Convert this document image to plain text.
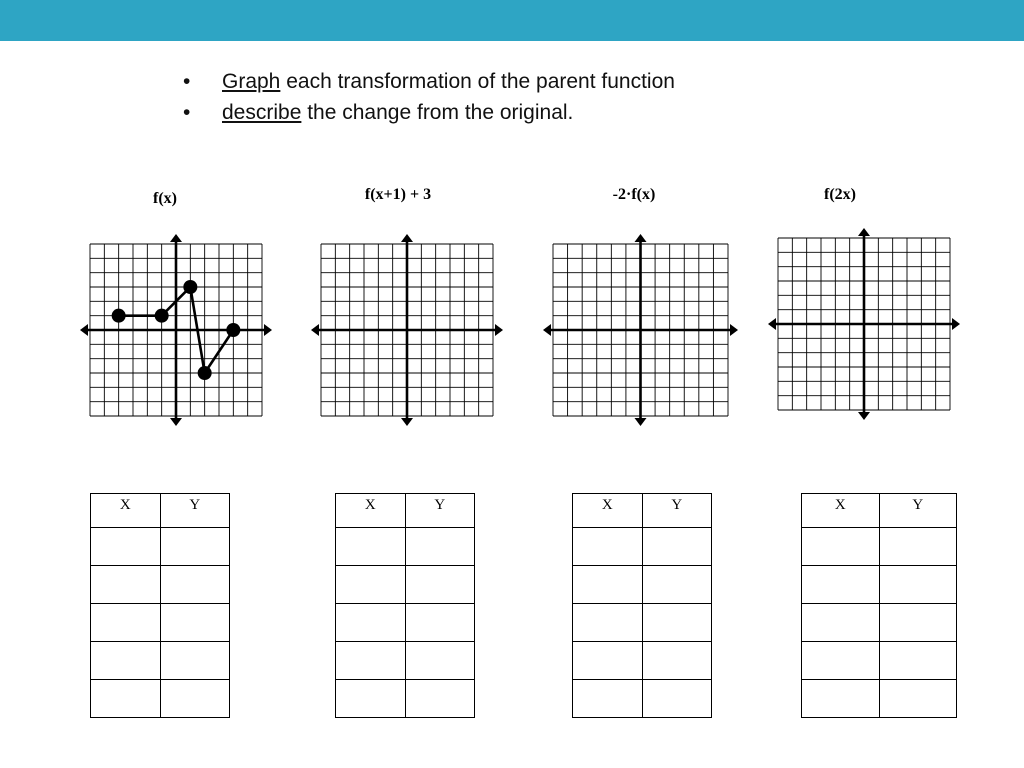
• Graph each transformation of the parent function
• describe the change from the original.
f(x)	f(x+1) + 3	-2·f(x)	f(2x)
X	Y

		X	Y

		X	Y

		X	Y
